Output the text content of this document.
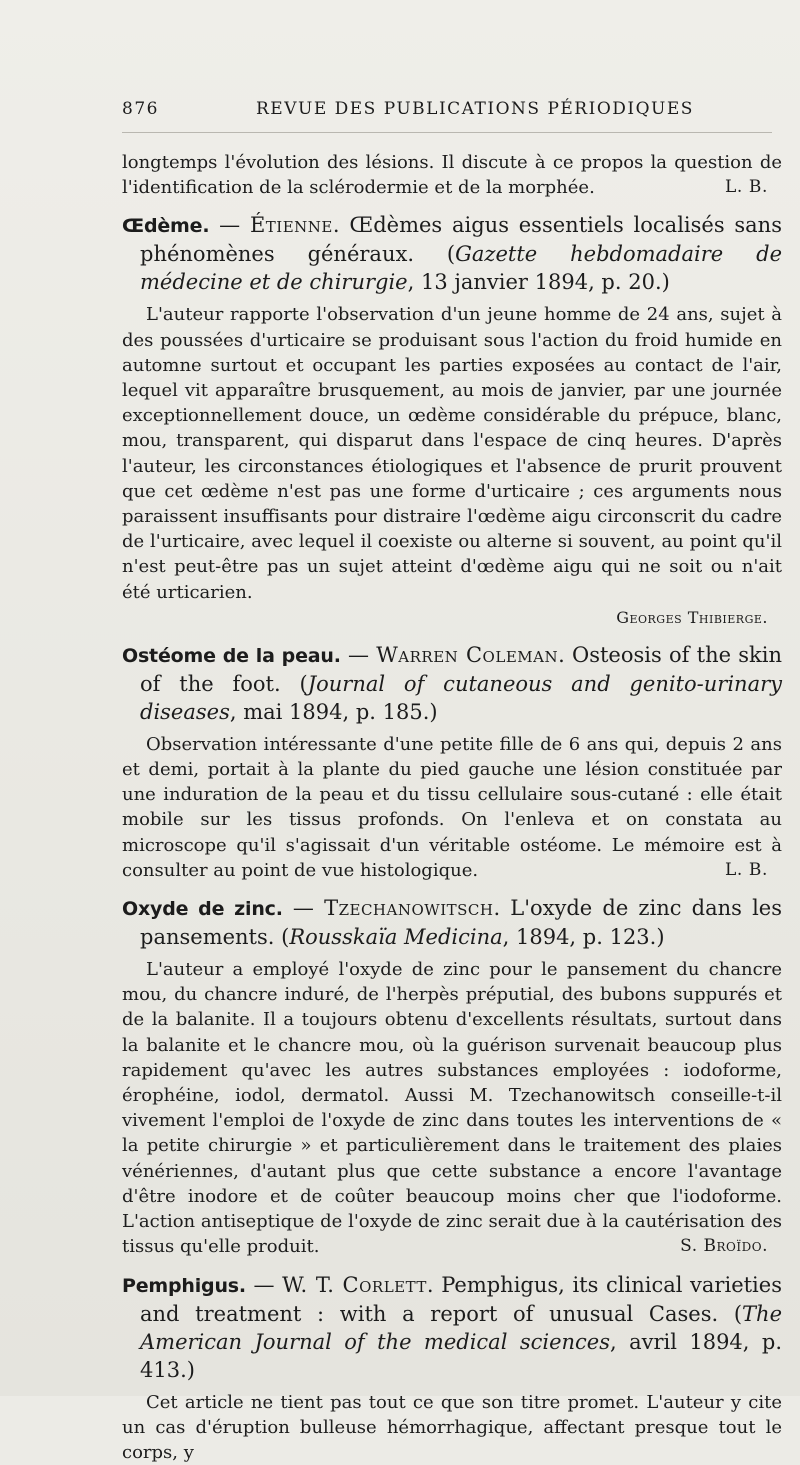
876	REVUE DES PUBLICATIONS PÉRIODIQUES

longtemps l'évolution des lésions. Il discute à ce propos la question de l'identification de la sclérodermie et de la morphée.	L. B.

Œdème. — Étienne. Œdèmes aigus essentiels localisés sans phénomènes généraux. (Gazette hebdomadaire de médecine et de chirurgie, 13 janvier 1894, p. 20.)

L'auteur rapporte l'observation d'un jeune homme de 24 ans, sujet à des poussées d'urticaire se produisant sous l'action du froid humide en automne surtout et occupant les parties exposées au contact de l'air, lequel vit apparaître brusquement, au mois de janvier, par une journée exceptionnellement douce, un œdème considérable du prépuce, blanc, mou, transparent, qui disparut dans l'espace de cinq heures. D'après l'auteur, les circonstances étiologiques et l'absence de prurit prouvent que cet œdème n'est pas une forme d'urticaire ; ces arguments nous paraissent insuffisants pour distraire l'œdème aigu circonscrit du cadre de l'urticaire, avec lequel il coexiste ou alterne si souvent, au point qu'il n'est peut-être pas un sujet atteint d'œdème aigu qui ne soit ou n'ait été urticarien.

Georges Thibierge.

Ostéome de la peau. — Warren Coleman. Osteosis of the skin of the foot. (Journal of cutaneous and genito-urinary diseases, mai 1894, p. 185.)

Observation intéressante d'une petite fille de 6 ans qui, depuis 2 ans et demi, portait à la plante du pied gauche une lésion constituée par une induration de la peau et du tissu cellulaire sous-cutané : elle était mobile sur les tissus profonds. On l'enleva et on constata au microscope qu'il s'agissait d'un véritable ostéome. Le mémoire est à consulter au point de vue histologique.	L. B.

Oxyde de zinc. — Tzechanowitsch. L'oxyde de zinc dans les pansements. (Rousskaïa Medicina, 1894, p. 123.)

L'auteur a employé l'oxyde de zinc pour le pansement du chancre mou, du chancre induré, de l'herpès préputial, des bubons suppurés et de la balanite. Il a toujours obtenu d'excellents résultats, surtout dans la balanite et le chancre mou, où la guérison survenait beaucoup plus rapidement qu'avec les autres substances employées : iodoforme, érophéine, iodol, dermatol. Aussi M. Tzechanowitsch conseille-t-il vivement l'emploi de l'oxyde de zinc dans toutes les interventions de « la petite chirurgie » et particulièrement dans le traitement des plaies vénériennes, d'autant plus que cette substance a encore l'avantage d'être inodore et de coûter beaucoup moins cher que l'iodoforme. L'action antiseptique de l'oxyde de zinc serait due à la cautérisation des tissus qu'elle produit.	S. Broïdo.

Pemphigus. — W. T. Corlett. Pemphigus, its clinical varieties and treatment : with a report of unusual Cases. (The American Journal of the medical sciences, avril 1894, p. 413.)

Cet article ne tient pas tout ce que son titre promet. L'auteur y cite un cas d'éruption bulleuse hémorrhagique, affectant presque tout le corps, y
